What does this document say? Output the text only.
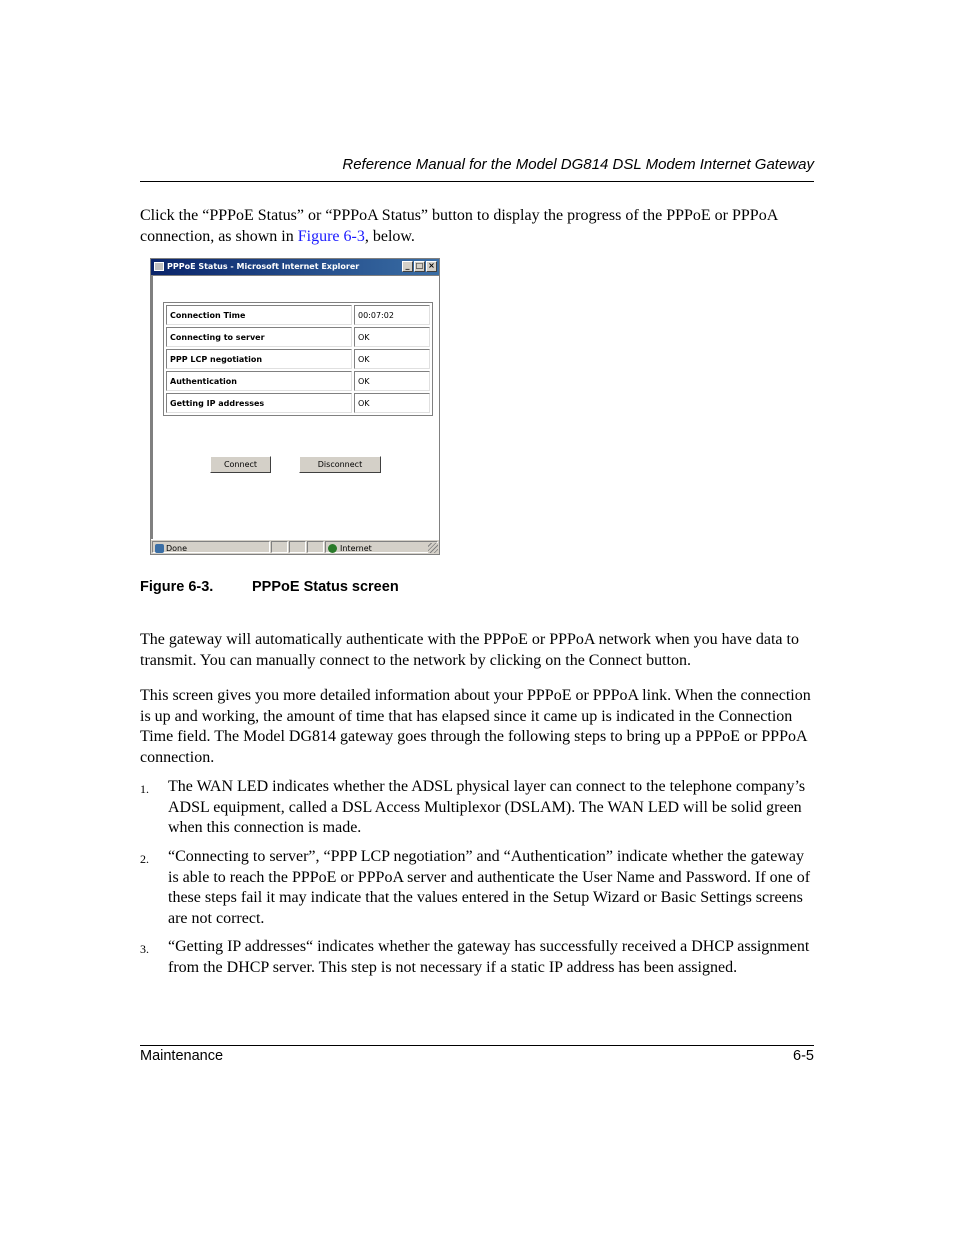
Reference Manual for the Model DG814 DSL Modem Internet Gateway
Click the “PPPoE Status” or “PPPoA Status” button to display the progress of the PPPoE or PPPoA connection, as shown in Figure 6-3, below.
PPPoE Status - Microsoft Internet Explorer	_ □ ×
Connection Time	00:07:02
Connecting to server	OK
PPP LCP negotiation	OK
Authentication	OK
Getting IP addresses	OK
Connect	Disconnect
Done	Internet
Figure 6-3.	PPPoE Status screen
The gateway will automatically authenticate with the PPPoE or PPPoA network when you have data to transmit. You can manually connect to the network by clicking on the Connect button.
This screen gives you more detailed information about your PPPoE or PPPoA link. When the connection is up and working, the amount of time that has elapsed since it came up is indicated in the Connection Time field. The Model DG814 gateway goes through the following steps to bring up a PPPoE or PPPoA connection.
1. The WAN LED indicates whether the ADSL physical layer can connect to the telephone company’s ADSL equipment, called a DSL Access Multiplexor (DSLAM). The WAN LED will be solid green when this connection is made.
2. “Connecting to server”, “PPP LCP negotiation” and “Authentication” indicate whether the gateway is able to reach the PPPoE or PPPoA server and authenticate the User Name and Password. If one of these steps fail it may indicate that the values entered in the Setup Wizard or Basic Settings screens are not correct.
3. “Getting IP addresses“ indicates whether the gateway has successfully received a DHCP assignment from the DHCP server. This step is not necessary if a static IP address has been assigned.
Maintenance	6-5
